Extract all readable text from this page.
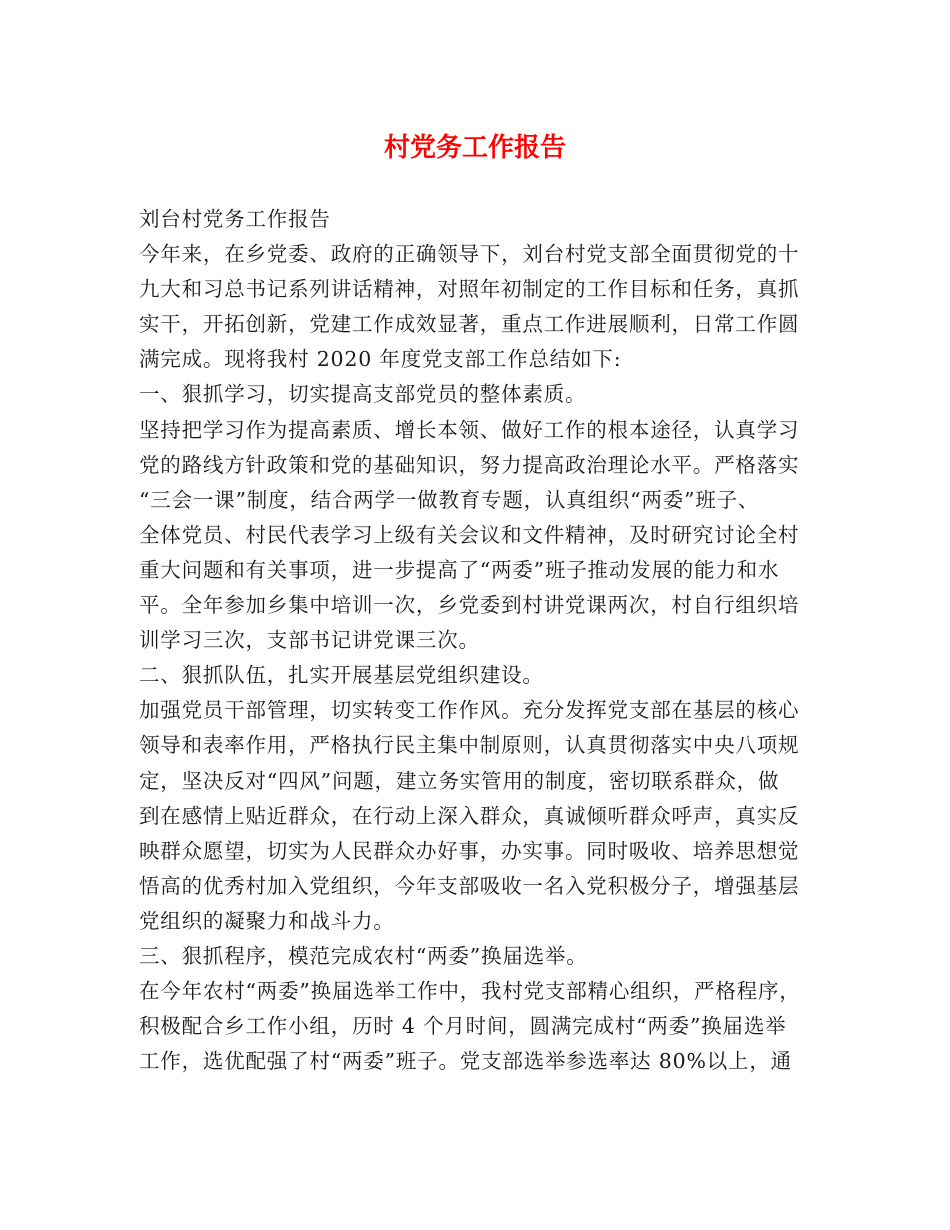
村党务工作报告
刘台村党务工作报告
今年来，在乡党委、政府的正确领导下，刘台村党支部全面贯彻党的十
九大和习总书记系列讲话精神，对照年初制定的工作目标和任务，真抓
实干，开拓创新，党建工作成效显著，重点工作进展顺利，日常工作圆
满完成。现将我村 2020 年度党支部工作总结如下:
一、狠抓学习，切实提高支部党员的整体素质。
坚持把学习作为提高素质、增长本领、做好工作的根本途径，认真学习
党的路线方针政策和党的基础知识，努力提高政治理论水平。严格落实
“三会一课”制度，结合两学一做教育专题，认真组织“两委”班子、
全体党员、村民代表学习上级有关会议和文件精神，及时研究讨论全村
重大问题和有关事项，进一步提高了“两委”班子推动发展的能力和水
平。全年参加乡集中培训一次，乡党委到村讲党课两次，村自行组织培
训学习三次，支部书记讲党课三次。
二、狠抓队伍，扎实开展基层党组织建设。
加强党员干部管理，切实转变工作作风。充分发挥党支部在基层的核心
领导和表率作用，严格执行民主集中制原则，认真贯彻落实中央八项规
定，坚决反对“四风”问题，建立务实管用的制度，密切联系群众，做
到在感情上贴近群众，在行动上深入群众，真诚倾听群众呼声，真实反
映群众愿望，切实为人民群众办好事，办实事。同时吸收、培养思想觉
悟高的优秀村加入党组织，今年支部吸收一名入党积极分子，增强基层
党组织的凝聚力和战斗力。
三、狠抓程序，模范完成农村“两委”换届选举。
在今年农村“两委”换届选举工作中，我村党支部精心组织，严格程序，
积极配合乡工作小组，历时 4 个月时间，圆满完成村“两委”换届选举
工作，选优配强了村“两委”班子。党支部选举参选率达 80%以上，通
